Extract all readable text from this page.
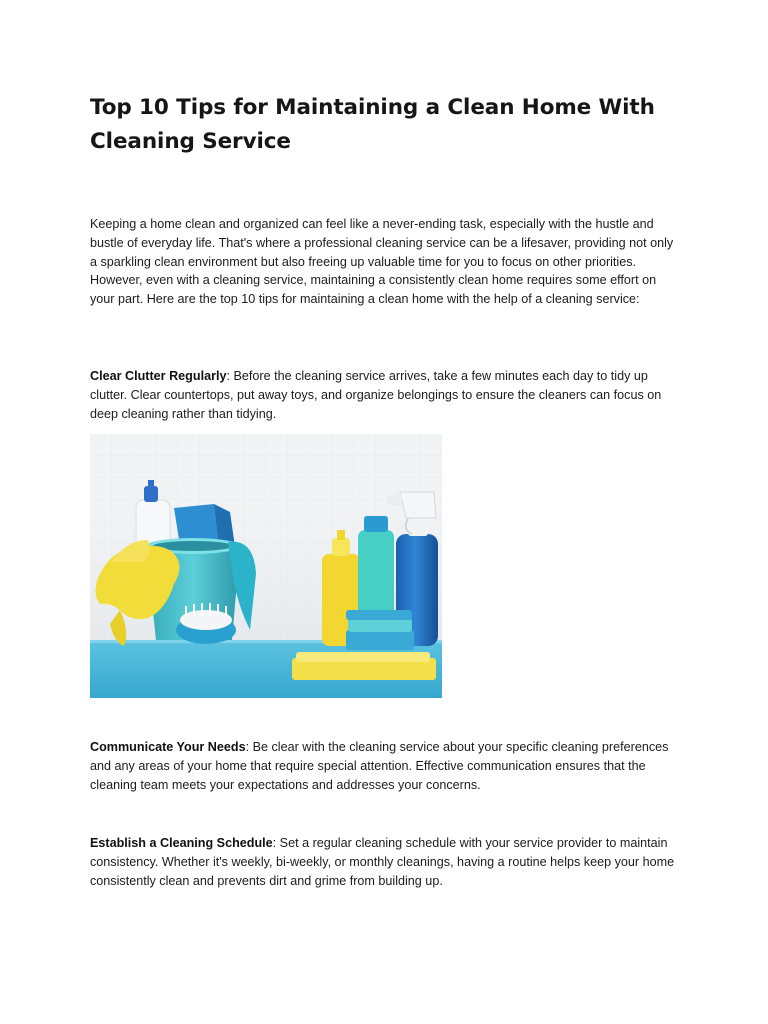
Top 10 Tips for Maintaining a Clean Home With Cleaning Service

Keeping a home clean and organized can feel like a never-ending task, especially with the hustle and bustle of everyday life. That's where a professional cleaning service can be a lifesaver, providing not only a sparkling clean environment but also freeing up valuable time for you to focus on other priorities. However, even with a cleaning service, maintaining a consistently clean home requires some effort on your part. Here are the top 10 tips for maintaining a clean home with the help of a cleaning service:

Clear Clutter Regularly: Before the cleaning service arrives, take a few minutes each day to tidy up clutter. Clear countertops, put away toys, and organize belongings to ensure the cleaners can focus on deep cleaning rather than tidying.

Communicate Your Needs: Be clear with the cleaning service about your specific cleaning preferences and any areas of your home that require special attention. Effective communication ensures that the cleaning team meets your expectations and addresses your concerns.

Establish a Cleaning Schedule: Set a regular cleaning schedule with your service provider to maintain consistency. Whether it's weekly, bi-weekly, or monthly cleanings, having a routine helps keep your home consistently clean and prevents dirt and grime from building up.
